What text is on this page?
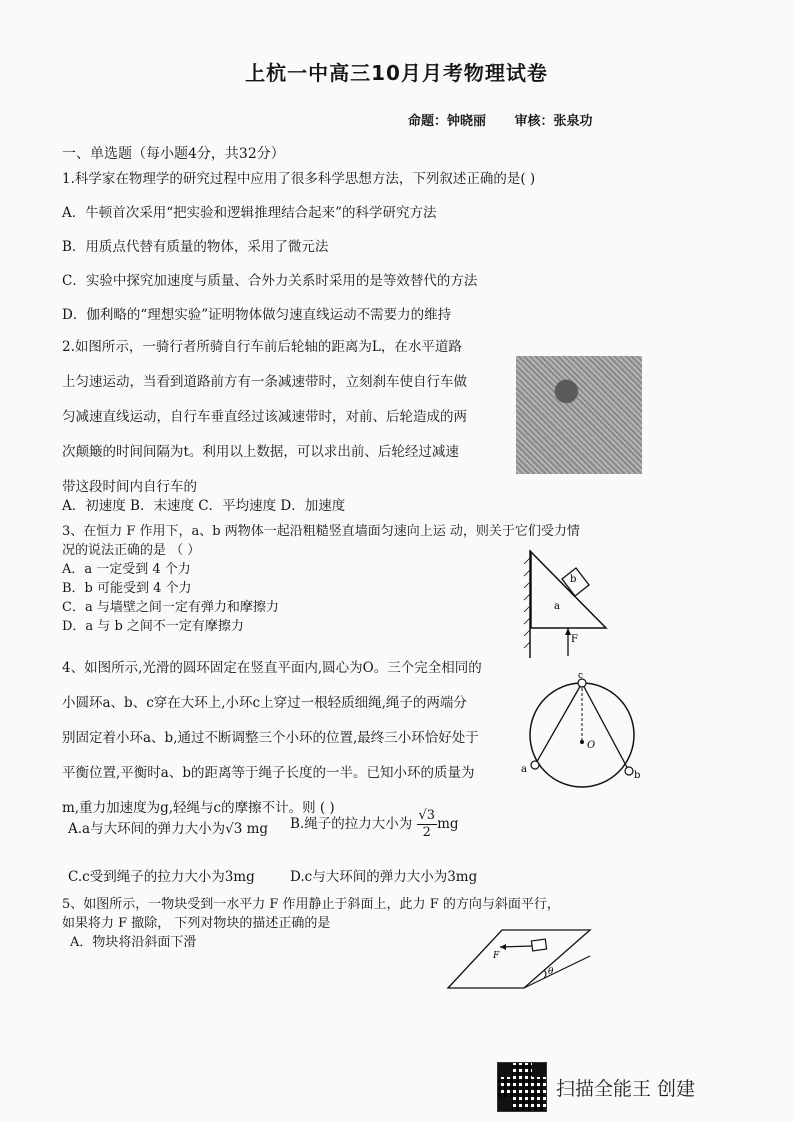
上杭一中高三10月月考物理试卷
命题：钟晓丽 审核：张泉功
一、单选题（每小题4分，共32分）
1.科学家在物理学的研究过程中应用了很多科学思想方法，下列叙述正确的是( )
A．牛顿首次采用“把实验和逻辑推理结合起来”的科学研究方法
B．用质点代替有质量的物体，采用了微元法
C．实验中探究加速度与质量、合外力关系时采用的是等效替代的方法
D．伽利略的“理想实验”证明物体做匀速直线运动不需要力的维持
2.如图所示，一骑行者所骑自行车前后轮轴的距离为L，在水平道路
上匀速运动，当看到道路前方有一条减速带时，立刻刹车使自行车做
匀减速直线运动，自行车垂直经过该减速带时，对前、后轮造成的两
次颠簸的时间间隔为t。利用以上数据，可以求出前、后轮经过减速
带这段时间内自行车的
A．初速度 B．末速度 C．平均速度 D．加速度
3、在恒力 F 作用下，a、b 两物体一起沿粗糙竖直墙面匀速向上运 动，则关于它们受力情
况的说法正确的是 （ ）
A．a 一定受到 4 个力
B．b 可能受到 4 个力
C．a 与墙壁之间一定有弹力和摩擦力
D．a 与 b 之间不一定有摩擦力
b
a
F
4、如图所示,光滑的圆环固定在竖直平面内,圆心为O。三个完全相同的
小圆环a、b、c穿在大环上,小环c上穿过一根轻质细绳,绳子的两端分
别固定着小环a、b,通过不断调整三个小环的位置,最终三小环恰好处于
平衡位置,平衡时a、b的距离等于绳子长度的一半。已知小环的质量为
m,重力加速度为g,轻绳与c的摩擦不计。则 ( )
c
O
a
b
A.a与大环间的弹力大小为√3 mg B.绳子的拉力大小为 $\frac{√3}{2}$ mg
C.c受到绳子的拉力大小为3mg	D.c与大环间的弹力大小为3mg
5、如图所示，一物块受到一水平力 F 作用静止于斜面上，此力 F 的方向与斜面平行，
如果将力 F 撤除， 下列对物块的描述正确的是
A．物块将沿斜面下滑
θ
F
扫描全能王 创建
